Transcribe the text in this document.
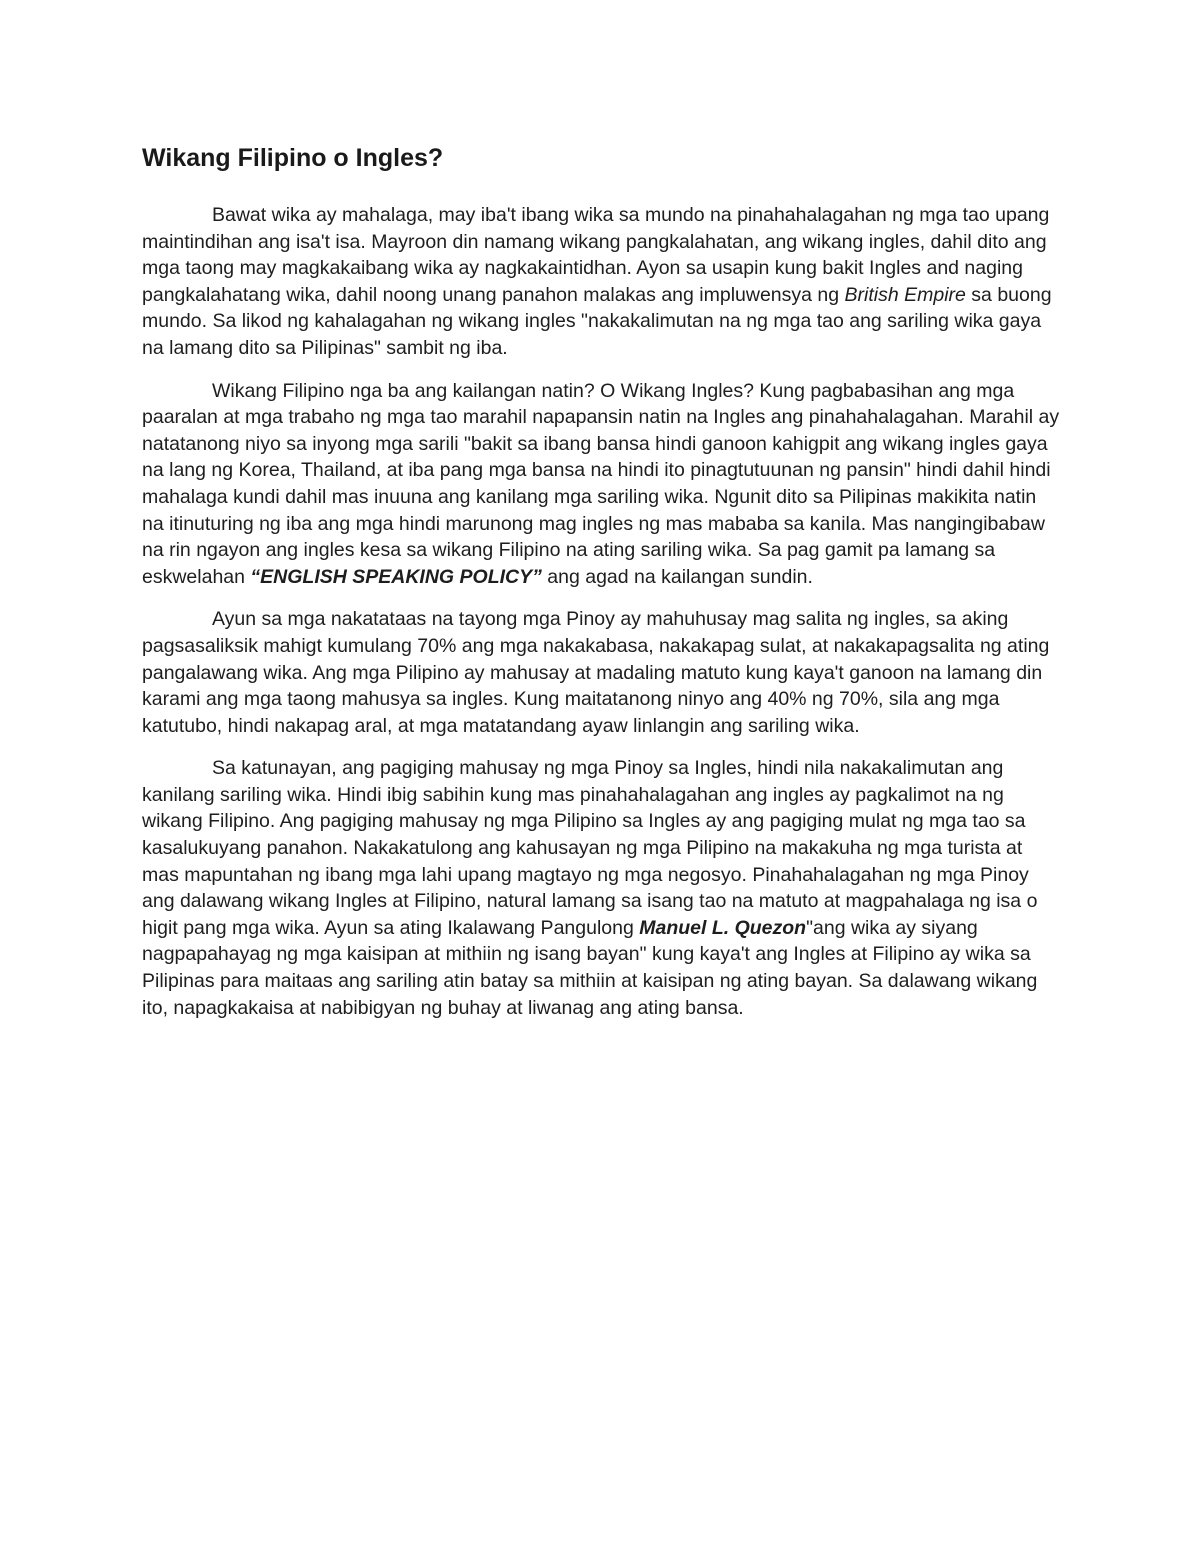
Wikang Filipino o Ingles?

Bawat wika ay mahalaga, may iba't ibang wika sa mundo na pinahahalagahan ng mga tao upang maintindihan ang isa't isa. Mayroon din namang wikang pangkalahatan, ang wikang ingles, dahil dito ang mga taong may magkakaibang wika ay nagkakaintidhan. Ayon sa usapin kung bakit Ingles and naging pangkalahatang wika, dahil noong unang panahon malakas ang impluwensya ng British Empire sa buong mundo. Sa likod ng kahalagahan ng wikang ingles "nakakalimutan na ng mga tao ang sariling wika gaya na lamang dito sa Pilipinas" sambit ng iba.

Wikang Filipino nga ba ang kailangan natin? O Wikang Ingles? Kung pagbabasihan ang mga paaralan at mga trabaho ng mga tao marahil napapansin natin na Ingles ang pinahahalagahan. Marahil ay natatanong niyo sa inyong mga sarili "bakit sa ibang bansa hindi ganoon kahigpit ang wikang ingles gaya na lang ng Korea, Thailand, at iba pang mga bansa na hindi ito pinagtutuunan ng pansin" hindi dahil hindi mahalaga kundi dahil mas inuuna ang kanilang mga sariling wika. Ngunit dito sa Pilipinas makikita natin na itinuturing ng iba ang mga hindi marunong mag ingles ng mas mababa sa kanila. Mas nangingibabaw na rin ngayon ang ingles kesa sa wikang Filipino na ating sariling wika. Sa pag gamit pa lamang sa eskwelahan “ENGLISH SPEAKING POLICY” ang agad na kailangan sundin.

Ayun sa mga nakatataas na tayong mga Pinoy ay mahuhusay mag salita ng ingles, sa aking pagsasaliksik mahigt kumulang 70% ang mga nakakabasa, nakakapag sulat, at nakakapagsalita ng ating pangalawang wika. Ang mga Pilipino ay mahusay at madaling matuto kung kaya't ganoon na lamang din karami ang mga taong mahusya sa ingles. Kung maitatanong ninyo ang 40% ng 70%, sila ang mga katutubo, hindi nakapag aral, at mga matatandang ayaw linlangin ang sariling wika.

Sa katunayan, ang pagiging mahusay ng mga Pinoy sa Ingles, hindi nila nakakalimutan ang kanilang sariling wika. Hindi ibig sabihin kung mas pinahahalagahan ang ingles ay pagkalimot na ng wikang Filipino. Ang pagiging mahusay ng mga Pilipino sa Ingles ay ang pagiging mulat ng mga tao sa kasalukuyang panahon. Nakakatulong ang kahusayan ng mga Pilipino na makakuha ng mga turista at mas mapuntahan ng ibang mga lahi upang magtayo ng mga negosyo. Pinahahalagahan ng mga Pinoy ang dalawang wikang Ingles at Filipino, natural lamang sa isang tao na matuto at magpahalaga ng isa o higit pang mga wika. Ayun sa ating Ikalawang Pangulong Manuel L. Quezon"ang wika ay siyang nagpapahayag ng mga kaisipan at mithiin ng isang bayan" kung kaya't ang Ingles at Filipino ay wika sa Pilipinas para maitaas ang sariling atin batay sa mithiin at kaisipan ng ating bayan. Sa dalawang wikang ito, napagkakaisa at nabibigyan ng buhay at liwanag ang ating bansa.
